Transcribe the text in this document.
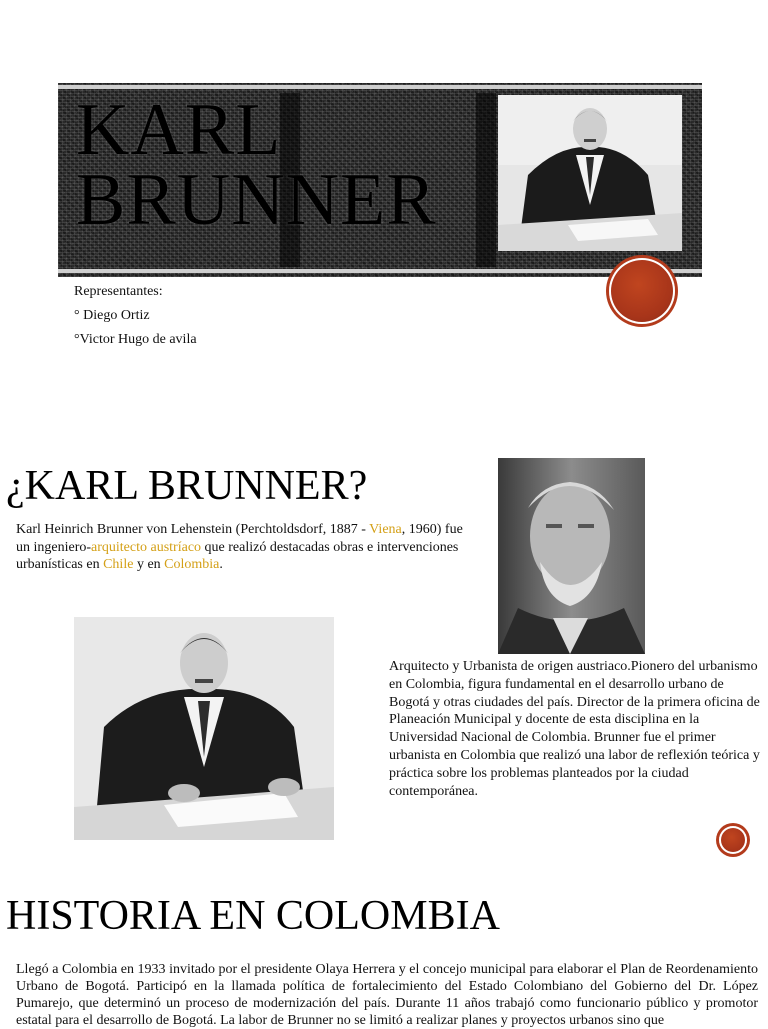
KARL
BRUNNER
Representantes:
° Diego Ortiz
°Victor Hugo de avila
¿KARL BRUNNER?
Karl Heinrich Brunner von Lehenstein (Perchtoldsdorf, 1887 - Viena, 1960) fue un ingeniero-arquitecto austríaco que realizó destacadas obras e intervenciones urbanísticas en Chile y en Colombia.
Arquitecto y Urbanista de origen austriaco.Pionero del urbanismo en Colombia, figura fundamental en el desarrollo urbano de Bogotá y otras ciudades del país. Director de la primera oficina de Planeación Municipal y docente de esta disciplina en la Universidad Nacional de Colombia. Brunner fue el primer urbanista en Colombia que realizó una labor de reflexión teórica y práctica sobre los problemas planteados por la ciudad contemporánea.
HISTORIA EN COLOMBIA
Llegó a Colombia en 1933 invitado por el presidente Olaya Herrera y el concejo municipal para elaborar el Plan de Reordenamiento Urbano de Bogotá. Participó en la llamada política de fortalecimiento del Estado Colombiano del Gobierno del Dr. López Pumarejo, que determinó un proceso de modernización del país. Durante 11 años trabajó como funcionario público y promotor estatal para el desarrollo de Bogotá. La labor de Brunner no se limitó a realizar planes y proyectos urbanos sino que
